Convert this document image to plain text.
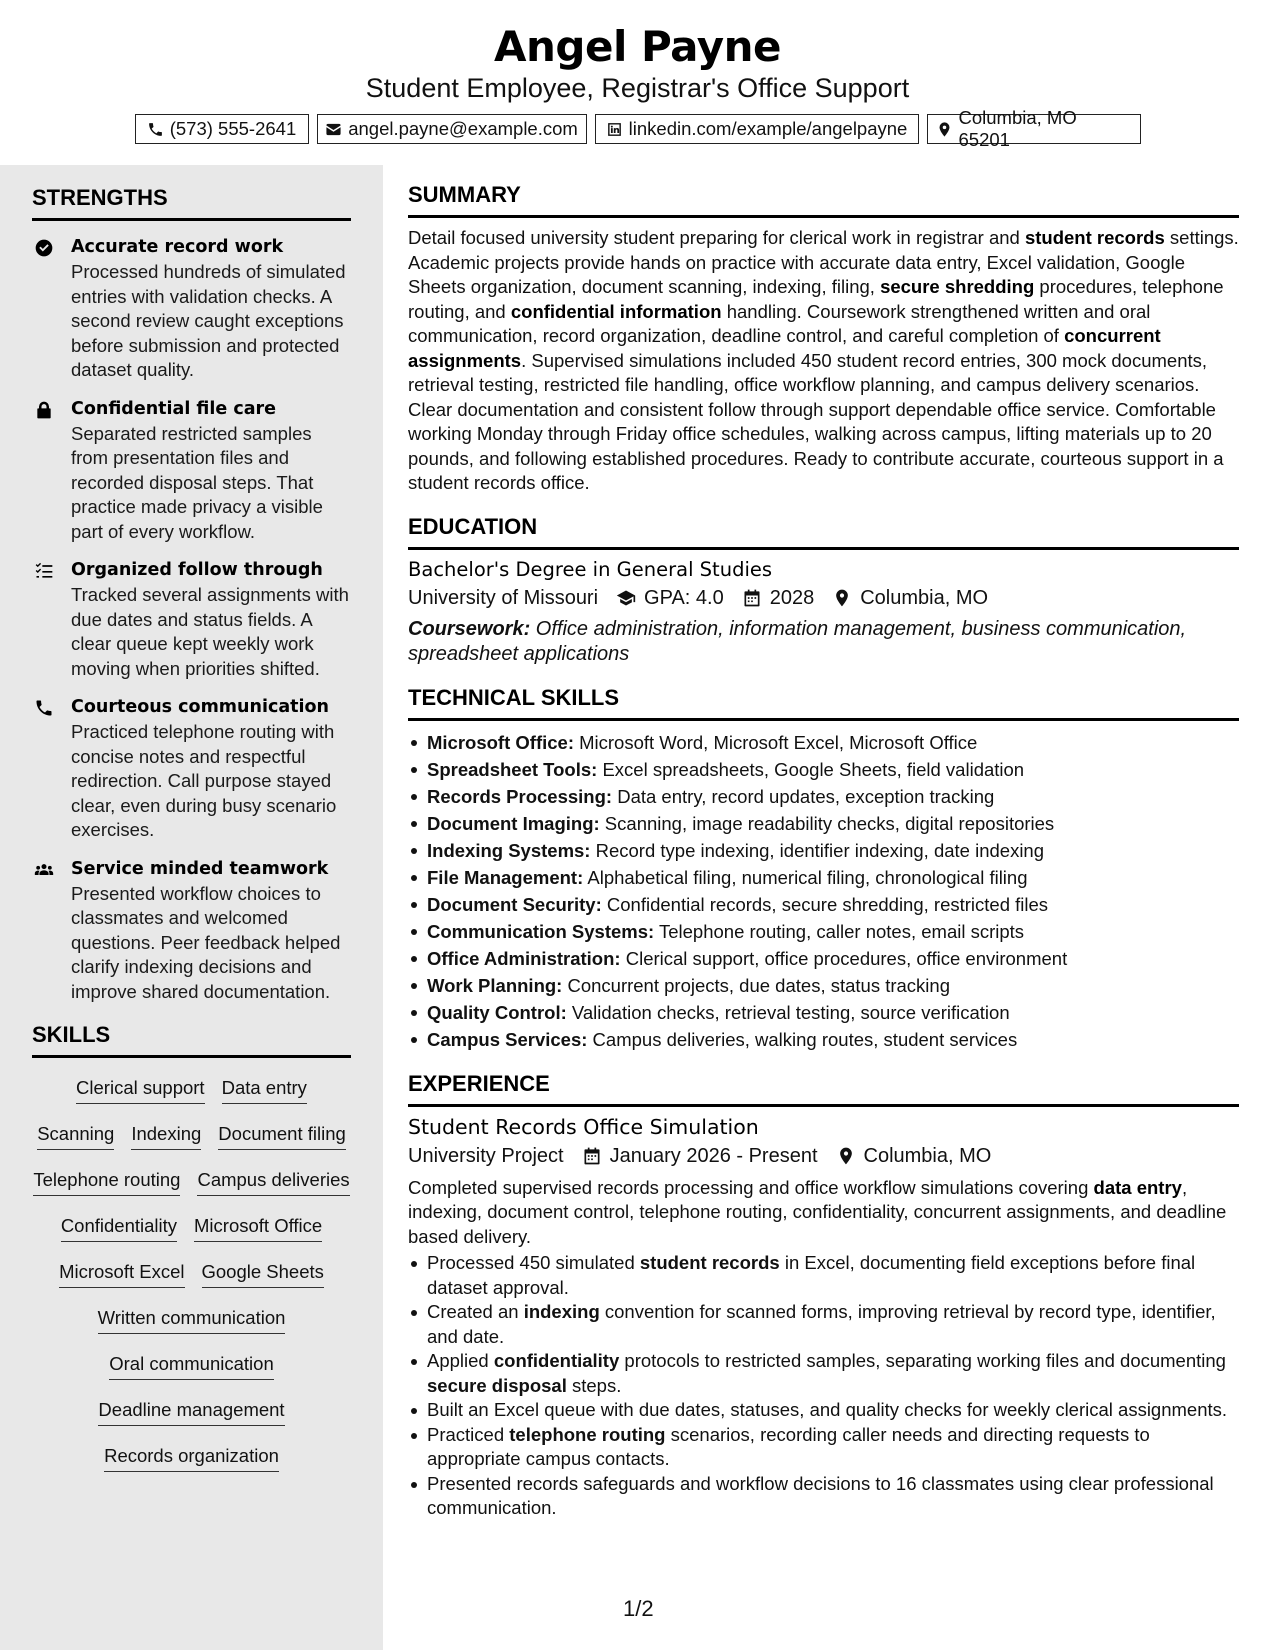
Angel Payne
Student Employee, Registrar's Office Support
(573) 555-2641	angel.payne@example.com	linkedin.com/example/angelpayne
Columbia, MO 65201
STRENGTHS
Accurate record work
Processed hundreds of simulated entries with validation checks. A second review caught exceptions before submission and protected dataset quality.
Confidential file care
Separated restricted samples from presentation files and recorded disposal steps. That practice made privacy a visible part of every workflow.
Organized follow through
Tracked several assignments with due dates and status fields. A clear queue kept weekly work moving when priorities shifted.
Courteous communication
Practiced telephone routing with concise notes and respectful redirection. Call purpose stayed clear, even during busy scenario exercises.
Service minded teamwork
Presented workflow choices to classmates and welcomed questions. Peer feedback helped clarify indexing decisions and improve shared documentation.
SKILLS
Clerical support Data entry
Scanning Indexing Document filing
Telephone routing Campus deliveries
Confidentiality Microsoft Office
Microsoft Excel Google Sheets
Written communication
Oral communication
Deadline management
Records organization
SUMMARY

Detail focused university student preparing for clerical work in registrar and student records settings. Academic projects provide hands on practice with accurate data entry, Excel validation, Google Sheets organization, document scanning, indexing, filing, secure shredding procedures, telephone routing, and confidential information handling. Coursework strengthened written and oral communication, record organization, deadline control, and careful completion of concurrent assignments. Supervised simulations included 450 student record entries, 300 mock documents, retrieval testing, restricted file handling, office workflow planning, and campus delivery scenarios. Clear documentation and consistent follow through support dependable office service. Comfortable working Monday through Friday office schedules, walking across campus, lifting materials up to 20 pounds, and following established procedures. Ready to contribute accurate, courteous support in a student records office.

EDUCATION
Bachelor's Degree in General Studies
University of Missouri GPA: 4.0 2028 Columbia, MO

Coursework: Office administration, information management, business communication, spreadsheet applications

TECHNICAL SKILLS
Microsoft Office: Microsoft Word, Microsoft Excel, Microsoft Office
Spreadsheet Tools: Excel spreadsheets, Google Sheets, field validation
Records Processing: Data entry, record updates, exception tracking
Document Imaging: Scanning, image readability checks, digital repositories
Indexing Systems: Record type indexing, identifier indexing, date indexing
File Management: Alphabetical filing, numerical filing, chronological filing
Document Security: Confidential records, secure shredding, restricted files
Communication Systems: Telephone routing, caller notes, email scripts
Office Administration: Clerical support, office procedures, office environment
Work Planning: Concurrent projects, due dates, status tracking
Quality Control: Validation checks, retrieval testing, source verification
Campus Services: Campus deliveries, walking routes, student services
EXPERIENCE
Student Records Office Simulation
University Project January 2026 - Present Columbia, MO

Completed supervised records processing and office workflow simulations covering data entry, indexing, document control, telephone routing, confidentiality, concurrent assignments, and deadline based delivery.

Processed 450 simulated student records in Excel, documenting field exceptions before final dataset approval.
Created an indexing convention for scanned forms, improving retrieval by record type, identifier, and date.
Applied confidentiality protocols to restricted samples, separating working files and documenting secure disposal steps.
Built an Excel queue with due dates, statuses, and quality checks for weekly clerical assignments.
Practiced telephone routing scenarios, recording caller needs and directing requests to appropriate campus contacts.
Presented records safeguards and workflow decisions to 16 classmates using clear professional communication.
1/2
